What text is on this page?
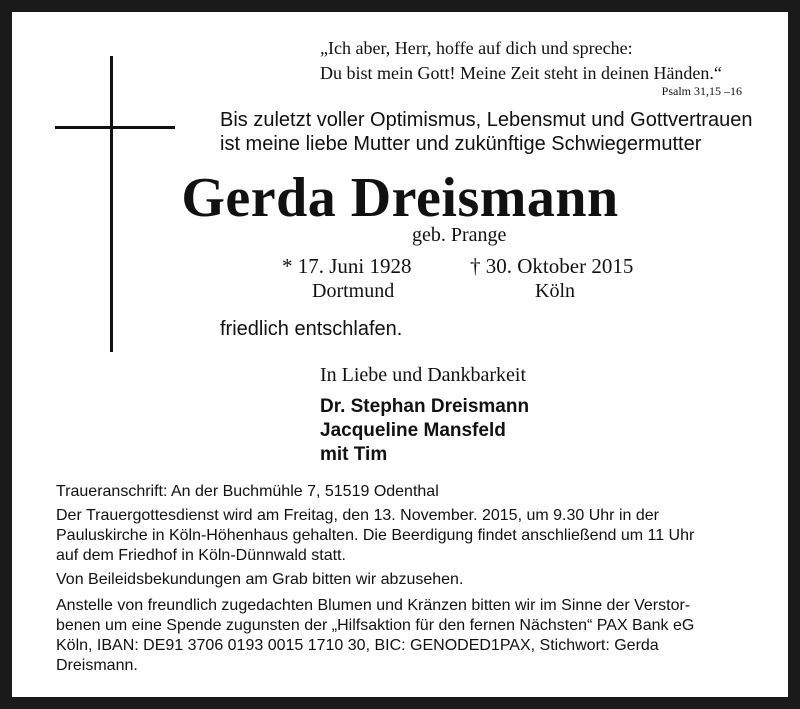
„Ich aber, Herr, hoffe auf dich und spreche:
Du bist mein Gott! Meine Zeit steht in deinen Händen.“
Psalm 31,15 –16
Bis zuletzt voller Optimismus, Lebensmut und Gottvertrauen
ist meine liebe Mutter und zukünftige Schwiegermutter
Gerda Dreismann
geb. Prange
* 17. Juni 1928
Dortmund
† 30. Oktober 2015
Köln
friedlich entschlafen.
In Liebe und Dankbarkeit
Dr. Stephan Dreismann
Jacqueline Mansfeld
mit Tim
Traueranschrift: An der Buchmühle 7, 51519 Odenthal
Der Trauergottesdienst wird am Freitag, den 13. November. 2015, um 9.30 Uhr in der
Pauluskirche in Köln-Höhenhaus gehalten. Die Beerdigung findet anschließend um 11 Uhr
auf dem Friedhof in Köln-Dünnwald statt.
Von Beileidsbekundungen am Grab bitten wir abzusehen.
Anstelle von freundlich zugedachten Blumen und Kränzen bitten wir im Sinne der Verstor-
benen um eine Spende zugunsten der „Hilfsaktion für den fernen Nächsten“ PAX Bank eG
Köln, IBAN: DE91 3706 0193 0015 1710 30, BIC: GENODED1PAX, Stichwort: Gerda
Dreismann.
